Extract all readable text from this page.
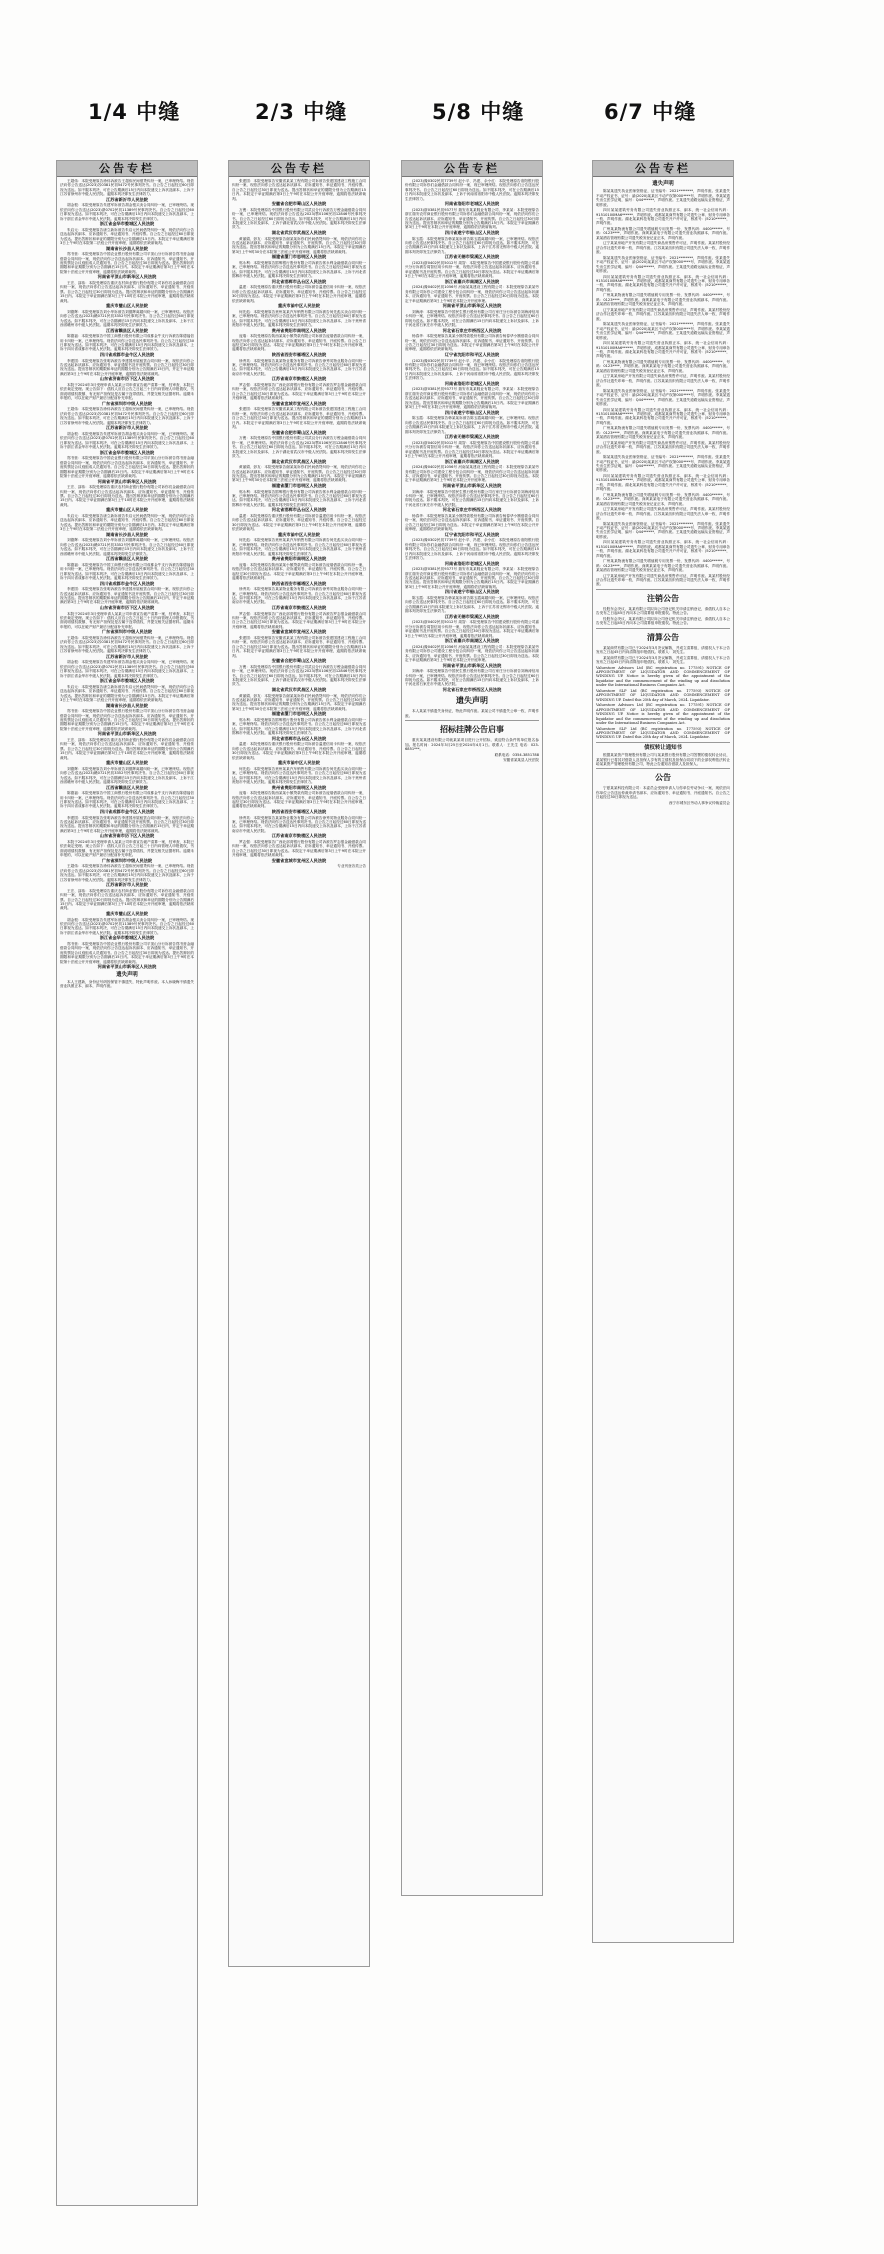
1/4 中缝	2/3 中缝	5/8 中缝	6/7 中缝
公告专栏

王超伟：本院受理原告徐伟诉被告王超伟民间借贷纠纷一案，已审理终结。现依法向你公告送达(2023)苏0381民初5472号民事判决书。自公告之日起经过60日即视为送达。如不服本判决，可在公告期满后15日内向本院递交上诉状及副本，上诉于江苏省徐州市中级人民法院。逾期本判决即发生法律效力。

江苏省新沂市人民法院

胡金根：本院受理原告朱建军诉被告胡金根买卖合同纠纷一案，已审理终结。现依法向你公告送达(2023)浙0702民初11389号民事判决书。自公告之日起经过60日即视为送达。如不服本判决，可在公告期满后15日内向本院递交上诉状及副本，上诉于浙江省金华市中级人民法院。逾期本判决即发生法律效力。

浙江省金华市婺城区人民法院

朱启元：本院受理原告唐立新诉被告朱启元民间借贷纠纷一案，现依法向你公告送达起诉状副本、应诉通知书、举证通知书、开庭传票。自公告之日起经过60日即视为送达。提出答辩状和举证的期限分别为公告期满后15日内。本院定于举证期满后第3日上午9时在本院第二法庭公开开庭审理，逾期将依法缺席裁判。

湖南省长沙县人民法院

郑书营：本院受理原告中国农业银行股份有限公司平顶山分行诉被告郑书营金融借款合同纠纷一案，现依法向你公告送达起诉状副本、应诉通知书、举证通知书、开庭传票及合议庭组成人员通知书。自公告之日起经过30日即视为送达。提出答辩状的期限和举证期限分别为公告期满后15日内。本院定于举证期满后第3日上午9时在本院第十法庭公开开庭审理，逾期将依法缺席裁判。

河南省平顶山市新华区人民法院

王宏、邵伟：本院受理原告重庆农村商业银行股份有限公司诉你们金融借款合同纠纷一案，现依法向你们公告送达起诉状副本、应诉通知书、举证通知书、开庭传票。自公告之日起经过30日即视为送达。提出答辩状和举证的期限分别为公告期满后15日内。本院定于举证期满后第3日上午10时在本院公开开庭审理，逾期将依法缺席裁判。

重庆市璧山区人民法院

刘德辉：本院受理原告刘小华诉被告刘德辉离婚纠纷一案，已审理终结。现依法向你公告送达(2023)赣0721民初3352号民事判决书。自公告之日起经过60日即视为送达。如不服本判决，可在公告期满后15日内向本院递交上诉状及副本，上诉于江西省赣州市中级人民法院。逾期本判决即发生法律效力。

江西省赣县区人民法院

陈德福：本院受理原告中国工商银行股份有限公司成都金牛支行诉被告陈德福信用卡纠纷一案，已审理终结。现依法向你公告送达民事判决书。自公告之日起经过30日即视为送达。如不服本判决，可在公告期满后15日内向本院递交上诉状及副本，上诉于四川省成都市中级人民法院。逾期本判决即发生法律效力。

四川省成都市金牛区人民法院

李建国：本院受理原告张明诉被告李建国房屋租赁合同纠纷一案，现依法向你公告送达起诉状副本、应诉通知书、举证通知书及开庭传票。自公告之日起经过30日即视为送达。提出答辩状的期限和举证的期限分别为公告期满后15日内，并定于举证期满后第3日上午9时在本院公开开庭审理，逾期将依法缺席裁判。

山东省济南市历下区人民法院

本院于2024年3月受理申请人某某公司申请宣告破产清算一案，经审查，本院已依法裁定受理。现公告如下：债权人应自公告之日起三十日内向管理人申报债权，书面说明债权数额、有无财产担保及是否属于连带债权，并提交相关证据材料。逾期未申报的，可以在破产财产最后分配前补充申报。

广东省深圳市中级人民法院

王超伟：本院受理原告徐伟诉被告王超伟民间借贷纠纷一案，已审理终结。现依法向你公告送达(2023)苏0381民初5472号民事判决书。自公告之日起经过60日即视为送达。如不服本判决，可在公告期满后15日内向本院递交上诉状及副本，上诉于江苏省徐州市中级人民法院。逾期本判决即发生法律效力。

江苏省新沂市人民法院

胡金根：本院受理原告朱建军诉被告胡金根买卖合同纠纷一案，已审理终结。现依法向你公告送达(2023)浙0702民初11389号民事判决书。自公告之日起经过60日即视为送达。如不服本判决，可在公告期满后15日内向本院递交上诉状及副本，上诉于浙江省金华市中级人民法院。逾期本判决即发生法律效力。

浙江省金华市婺城区人民法院

郑书营：本院受理原告中国农业银行股份有限公司平顶山分行诉被告郑书营金融借款合同纠纷一案，现依法向你公告送达起诉状副本、应诉通知书、举证通知书、开庭传票及合议庭组成人员通知书。自公告之日起经过30日即视为送达。提出答辩状的期限和举证期限分别为公告期满后15日内。本院定于举证期满后第3日上午9时在本院第十法庭公开开庭审理，逾期将依法缺席裁判。

河南省平顶山市新华区人民法院

王宏、邵伟：本院受理原告重庆农村商业银行股份有限公司诉你们金融借款合同纠纷一案，现依法向你们公告送达起诉状副本、应诉通知书、举证通知书、开庭传票。自公告之日起经过30日即视为送达。提出答辩状和举证的期限分别为公告期满后15日内。本院定于举证期满后第3日上午10时在本院公开开庭审理，逾期将依法缺席裁判。

重庆市璧山区人民法院

朱启元：本院受理原告唐立新诉被告朱启元民间借贷纠纷一案，现依法向你公告送达起诉状副本、应诉通知书、举证通知书、开庭传票。自公告之日起经过60日即视为送达。提出答辩状和举证的期限分别为公告期满后15日内。本院定于举证期满后第3日上午9时在本院第二法庭公开开庭审理，逾期将依法缺席裁判。

湖南省长沙县人民法院

刘德辉：本院受理原告刘小华诉被告刘德辉离婚纠纷一案，已审理终结。现依法向你公告送达(2023)赣0721民初3352号民事判决书。自公告之日起经过60日即视为送达。如不服本判决，可在公告期满后15日内向本院递交上诉状及副本，上诉于江西省赣州市中级人民法院。逾期本判决即发生法律效力。

江西省赣县区人民法院

陈德福：本院受理原告中国工商银行股份有限公司成都金牛支行诉被告陈德福信用卡纠纷一案，已审理终结。现依法向你公告送达民事判决书。自公告之日起经过30日即视为送达。如不服本判决，可在公告期满后15日内向本院递交上诉状及副本，上诉于四川省成都市中级人民法院。逾期本判决即发生法律效力。

四川省成都市金牛区人民法院

李建国：本院受理原告张明诉被告李建国房屋租赁合同纠纷一案，现依法向你公告送达起诉状副本、应诉通知书、举证通知书及开庭传票。自公告之日起经过30日即视为送达。提出答辩状的期限和举证的期限分别为公告期满后15日内，并定于举证期满后第3日上午9时在本院公开开庭审理，逾期将依法缺席裁判。

山东省济南市历下区人民法院

本院于2024年3月受理申请人某某公司申请宣告破产清算一案，经审查，本院已依法裁定受理。现公告如下：债权人应自公告之日起三十日内向管理人申报债权，书面说明债权数额、有无财产担保及是否属于连带债权，并提交相关证据材料。逾期未申报的，可以在破产财产最后分配前补充申报。

广东省深圳市中级人民法院

王超伟：本院受理原告徐伟诉被告王超伟民间借贷纠纷一案，已审理终结。现依法向你公告送达(2023)苏0381民初5472号民事判决书。自公告之日起经过60日即视为送达。如不服本判决，可在公告期满后15日内向本院递交上诉状及副本，上诉于江苏省徐州市中级人民法院。逾期本判决即发生法律效力。

江苏省新沂市人民法院

胡金根：本院受理原告朱建军诉被告胡金根买卖合同纠纷一案，已审理终结。现依法向你公告送达(2023)浙0702民初11389号民事判决书。自公告之日起经过60日即视为送达。如不服本判决，可在公告期满后15日内向本院递交上诉状及副本，上诉于浙江省金华市中级人民法院。逾期本判决即发生法律效力。

浙江省金华市婺城区人民法院

朱启元：本院受理原告唐立新诉被告朱启元民间借贷纠纷一案，现依法向你公告送达起诉状副本、应诉通知书、举证通知书、开庭传票。自公告之日起经过60日即视为送达。提出答辩状和举证的期限分别为公告期满后15日内。本院定于举证期满后第3日上午9时在本院第二法庭公开开庭审理，逾期将依法缺席裁判。

湖南省长沙县人民法院

郑书营：本院受理原告中国农业银行股份有限公司平顶山分行诉被告郑书营金融借款合同纠纷一案，现依法向你公告送达起诉状副本、应诉通知书、举证通知书、开庭传票及合议庭组成人员通知书。自公告之日起经过30日即视为送达。提出答辩状的期限和举证期限分别为公告期满后15日内。本院定于举证期满后第3日上午9时在本院第十法庭公开开庭审理，逾期将依法缺席裁判。

河南省平顶山市新华区人民法院

王宏、邵伟：本院受理原告重庆农村商业银行股份有限公司诉你们金融借款合同纠纷一案，现依法向你们公告送达起诉状副本、应诉通知书、举证通知书、开庭传票。自公告之日起经过30日即视为送达。提出答辩状和举证的期限分别为公告期满后15日内。本院定于举证期满后第3日上午10时在本院公开开庭审理，逾期将依法缺席裁判。

重庆市璧山区人民法院

刘德辉：本院受理原告刘小华诉被告刘德辉离婚纠纷一案，已审理终结。现依法向你公告送达(2023)赣0721民初3352号民事判决书。自公告之日起经过60日即视为送达。如不服本判决，可在公告期满后15日内向本院递交上诉状及副本，上诉于江西省赣州市中级人民法院。逾期本判决即发生法律效力。

江西省赣县区人民法院

陈德福：本院受理原告中国工商银行股份有限公司成都金牛支行诉被告陈德福信用卡纠纷一案，已审理终结。现依法向你公告送达民事判决书。自公告之日起经过30日即视为送达。如不服本判决，可在公告期满后15日内向本院递交上诉状及副本，上诉于四川省成都市中级人民法院。逾期本判决即发生法律效力。

四川省成都市金牛区人民法院

李建国：本院受理原告张明诉被告李建国房屋租赁合同纠纷一案，现依法向你公告送达起诉状副本、应诉通知书、举证通知书及开庭传票。自公告之日起经过30日即视为送达。提出答辩状的期限和举证的期限分别为公告期满后15日内，并定于举证期满后第3日上午9时在本院公开开庭审理，逾期将依法缺席裁判。

山东省济南市历下区人民法院

本院于2024年3月受理申请人某某公司申请宣告破产清算一案，经审查，本院已依法裁定受理。现公告如下：债权人应自公告之日起三十日内向管理人申报债权，书面说明债权数额、有无财产担保及是否属于连带债权，并提交相关证据材料。逾期未申报的，可以在破产财产最后分配前补充申报。

广东省深圳市中级人民法院

王超伟：本院受理原告徐伟诉被告王超伟民间借贷纠纷一案，已审理终结。现依法向你公告送达(2023)苏0381民初5472号民事判决书。自公告之日起经过60日即视为送达。如不服本判决，可在公告期满后15日内向本院递交上诉状及副本，上诉于江苏省徐州市中级人民法院。逾期本判决即发生法律效力。

江苏省新沂市人民法院

王宏、邵伟：本院受理原告重庆农村商业银行股份有限公司诉你们金融借款合同纠纷一案，现依法向你们公告送达起诉状副本、应诉通知书、举证通知书、开庭传票。自公告之日起经过30日即视为送达。提出答辩状和举证的期限分别为公告期满后15日内。本院定于举证期满后第3日上午10时在本院公开开庭审理，逾期将依法缺席裁判。

重庆市璧山区人民法院

胡金根：本院受理原告朱建军诉被告胡金根买卖合同纠纷一案，已审理终结。现依法向你公告送达(2023)浙0702民初11389号民事判决书。自公告之日起经过60日即视为送达。如不服本判决，可在公告期满后15日内向本院递交上诉状及副本，上诉于浙江省金华市中级人民法院。逾期本判决即发生法律效力。

浙江省金华市婺城区人民法院

郑书营：本院受理原告中国农业银行股份有限公司平顶山分行诉被告郑书营金融借款合同纠纷一案，现依法向你公告送达起诉状副本、应诉通知书、举证通知书、开庭传票及合议庭组成人员通知书。自公告之日起经过30日即视为送达。提出答辩状的期限和举证期限分别为公告期满后15日内。本院定于举证期满后第3日上午9时在本院第十法庭公开开庭审理，逾期将依法缺席裁判。

河南省平顶山市新华区人民法院

遗失声明

本人王建新，身份证号码因保管不慎遗失，特此声明作废。本人孙晓梅不慎遗失营业执照正本、副本，声明作废。

公告专栏

张建国：本院受理原告安徽省某某工程有限公司诉被告张建国建设工程施工合同纠纷一案，现依法向你公告送达起诉状副本、应诉通知书、举证通知书、开庭传票。自公告之日起经过30日即视为送达。提出答辩状和举证的期限分别为公告期满后15日内。本院定于举证期满后第3日上午9时在本院公开开庭审理，逾期将依法缺席裁判。

安徽省合肥市蜀山区人民法院

万俊：本院受理原告中国银行股份有限公司武汉分行诉被告万俊金融借款合同纠纷一案，已审理终结。现依法向你公告送达(2023)鄂0106民初12846号民事判决书。自公告之日起经过60日即视为送达。如不服本判决，可在公告期满后15日内向本院递交上诉状及副本，上诉于湖北省武汉市中级人民法院。逾期本判决即发生法律效力。

湖北省武汉市武昌区人民法院

黄丽娟、彭友：本院受理原告谢某某诉你们民间借贷纠纷一案，现依法向你们公告送达起诉状副本、应诉通知书、举证通知书、开庭传票。自公告之日起经过30日即视为送达。提出答辩状和举证的期限分别为公告期满后15日内。本院定于举证期满后第3日上午9时30分在本院第三法庭公开开庭审理，逾期将依法缺席裁判。

福建省厦门市思明区人民法院

郭永利：本院受理原告邯郸银行股份有限公司诉被告郭永利金融借款合同纠纷一案，已审理终结。现依法向你公告送达民事判决书。自公告之日起经过60日即视为送达。如不服本判决，可在公告期满后15日内向本院递交上诉状及副本，上诉于河北省邯郸市中级人民法院。逾期本判决即发生法律效力。

河北省邯郸市丛台区人民法院

温建：本院受理原告重庆银行股份有限公司诉被告温建信用卡纠纷一案，现依法向你公告送达起诉状副本、应诉通知书、举证通知书、开庭传票。自公告之日起经过30日即视为送达。本院定于举证期满后第3日上午9时在本院公开开庭审理，逾期将依法缺席裁判。

重庆市渝中区人民法院

何先彪：本院受理原告贵州某某汽车销售有限公司诉被告何先彪买卖合同纠纷一案，已审理终结。现依法向你公告送达民事判决书。自公告之日起经过60日即视为送达。如不服本判决，可在公告期满后15日内向本院递交上诉状及副本，上诉于贵州省贵阳市中级人民法院。逾期本判决即发生法律效力。

贵州省贵阳市南明区人民法院

庞瑞：本院受理原告陕西某某小额贷款有限公司诉被告庞瑞借款合同纠纷一案，现依法向你公告送达起诉状副本、应诉通知书、举证通知书、开庭传票。自公告之日起经过30日即视为送达。本院定于举证期满后第3日上午9时在本院公开开庭审理，逾期将依法缺席裁判。

陕西省西安市雁塔区人民法院

徐秀英：本院受理原告某某物业服务有限公司诉被告徐秀英物业服务合同纠纷一案，已审理终结。现依法向你公告送达民事判决书。自公告之日起经过60日即视为送达。如不服本判决，可在公告期满后15日内向本院递交上诉状及副本，上诉于江苏省南京市中级人民法院。

江苏省南京市鼓楼区人民法院

罗志强：本院受理原告广西北部湾银行股份有限公司诉被告罗志强金融借款合同纠纷一案，现依法向你公告送达起诉状副本、应诉通知书、举证通知书、开庭传票。自公告之日起经过30日即视为送达。本院定于举证期满后第3日上午9时在本院公开开庭审理，逾期将依法缺席裁判。

安徽省宣城市宣州区人民法院

张建国：本院受理原告安徽省某某工程有限公司诉被告张建国建设工程施工合同纠纷一案，现依法向你公告送达起诉状副本、应诉通知书、举证通知书、开庭传票。自公告之日起经过30日即视为送达。提出答辩状和举证的期限分别为公告期满后15日内。本院定于举证期满后第3日上午9时在本院公开开庭审理，逾期将依法缺席裁判。

安徽省合肥市蜀山区人民法院

万俊：本院受理原告中国银行股份有限公司武汉分行诉被告万俊金融借款合同纠纷一案，已审理终结。现依法向你公告送达(2023)鄂0106民初12846号民事判决书。自公告之日起经过60日即视为送达。如不服本判决，可在公告期满后15日内向本院递交上诉状及副本，上诉于湖北省武汉市中级人民法院。逾期本判决即发生法律效力。

湖北省武汉市武昌区人民法院

黄丽娟、彭友：本院受理原告谢某某诉你们民间借贷纠纷一案，现依法向你们公告送达起诉状副本、应诉通知书、举证通知书、开庭传票。自公告之日起经过30日即视为送达。提出答辩状和举证的期限分别为公告期满后15日内。本院定于举证期满后第3日上午9时30分在本院第三法庭公开开庭审理，逾期将依法缺席裁判。

福建省厦门市思明区人民法院

郭永利：本院受理原告邯郸银行股份有限公司诉被告郭永利金融借款合同纠纷一案，已审理终结。现依法向你公告送达民事判决书。自公告之日起经过60日即视为送达。如不服本判决，可在公告期满后15日内向本院递交上诉状及副本，上诉于河北省邯郸市中级人民法院。逾期本判决即发生法律效力。

河北省邯郸市丛台区人民法院

温建：本院受理原告重庆银行股份有限公司诉被告温建信用卡纠纷一案，现依法向你公告送达起诉状副本、应诉通知书、举证通知书、开庭传票。自公告之日起经过30日即视为送达。本院定于举证期满后第3日上午9时在本院公开开庭审理，逾期将依法缺席裁判。

重庆市渝中区人民法院

何先彪：本院受理原告贵州某某汽车销售有限公司诉被告何先彪买卖合同纠纷一案，已审理终结。现依法向你公告送达民事判决书。自公告之日起经过60日即视为送达。如不服本判决，可在公告期满后15日内向本院递交上诉状及副本，上诉于贵州省贵阳市中级人民法院。逾期本判决即发生法律效力。

贵州省贵阳市南明区人民法院

庞瑞：本院受理原告陕西某某小额贷款有限公司诉被告庞瑞借款合同纠纷一案，现依法向你公告送达起诉状副本、应诉通知书、举证通知书、开庭传票。自公告之日起经过30日即视为送达。本院定于举证期满后第3日上午9时在本院公开开庭审理，逾期将依法缺席裁判。

陕西省西安市雁塔区人民法院

徐秀英：本院受理原告某某物业服务有限公司诉被告徐秀英物业服务合同纠纷一案，已审理终结。现依法向你公告送达民事判决书。自公告之日起经过60日即视为送达。如不服本判决，可在公告期满后15日内向本院递交上诉状及副本，上诉于江苏省南京市中级人民法院。

江苏省南京市鼓楼区人民法院

罗志强：本院受理原告广西北部湾银行股份有限公司诉被告罗志强金融借款合同纠纷一案，现依法向你公告送达起诉状副本、应诉通知书、举证通知书、开庭传票。自公告之日起经过30日即视为送达。本院定于举证期满后第3日上午9时在本院公开开庭审理，逾期将依法缺席裁判。

安徽省宣城市宣州区人民法院

张建国：本院受理原告安徽省某某工程有限公司诉被告张建国建设工程施工合同纠纷一案，现依法向你公告送达起诉状副本、应诉通知书、举证通知书、开庭传票。自公告之日起经过30日即视为送达。提出答辩状和举证的期限分别为公告期满后15日内。本院定于举证期满后第3日上午9时在本院公开开庭审理，逾期将依法缺席裁判。

安徽省合肥市蜀山区人民法院

万俊：本院受理原告中国银行股份有限公司武汉分行诉被告万俊金融借款合同纠纷一案，已审理终结。现依法向你公告送达(2023)鄂0106民初12846号民事判决书。自公告之日起经过60日即视为送达。如不服本判决，可在公告期满后15日内向本院递交上诉状及副本，上诉于湖北省武汉市中级人民法院。逾期本判决即发生法律效力。

湖北省武汉市武昌区人民法院

黄丽娟、彭友：本院受理原告谢某某诉你们民间借贷纠纷一案，现依法向你们公告送达起诉状副本、应诉通知书、举证通知书、开庭传票。自公告之日起经过30日即视为送达。提出答辩状和举证的期限分别为公告期满后15日内。本院定于举证期满后第3日上午9时30分在本院第三法庭公开开庭审理，逾期将依法缺席裁判。

福建省厦门市思明区人民法院

郭永利：本院受理原告邯郸银行股份有限公司诉被告郭永利金融借款合同纠纷一案，已审理终结。现依法向你公告送达民事判决书。自公告之日起经过60日即视为送达。如不服本判决，可在公告期满后15日内向本院递交上诉状及副本，上诉于河北省邯郸市中级人民法院。逾期本判决即发生法律效力。

河北省邯郸市丛台区人民法院

温建：本院受理原告重庆银行股份有限公司诉被告温建信用卡纠纷一案，现依法向你公告送达起诉状副本、应诉通知书、举证通知书、开庭传票。自公告之日起经过30日即视为送达。本院定于举证期满后第3日上午9时在本院公开开庭审理，逾期将依法缺席裁判。

重庆市渝中区人民法院

何先彪：本院受理原告贵州某某汽车销售有限公司诉被告何先彪买卖合同纠纷一案，已审理终结。现依法向你公告送达民事判决书。自公告之日起经过60日即视为送达。如不服本判决，可在公告期满后15日内向本院递交上诉状及副本，上诉于贵州省贵阳市中级人民法院。逾期本判决即发生法律效力。

贵州省贵阳市南明区人民法院

庞瑞：本院受理原告陕西某某小额贷款有限公司诉被告庞瑞借款合同纠纷一案，现依法向你公告送达起诉状副本、应诉通知书、举证通知书、开庭传票。自公告之日起经过30日即视为送达。本院定于举证期满后第3日上午9时在本院公开开庭审理，逾期将依法缺席裁判。

陕西省西安市雁塔区人民法院

徐秀英：本院受理原告某某物业服务有限公司诉被告徐秀英物业服务合同纠纷一案，已审理终结。现依法向你公告送达民事判决书。自公告之日起经过60日即视为送达。如不服本判决，可在公告期满后15日内向本院递交上诉状及副本，上诉于江苏省南京市中级人民法院。

江苏省南京市鼓楼区人民法院

罗志强：本院受理原告广西北部湾银行股份有限公司诉被告罗志强金融借款合同纠纷一案，现依法向你公告送达起诉状副本、应诉通知书、举证通知书、开庭传票。自公告之日起经过30日即视为送达。本院定于举证期满后第3日上午9时在本院公开开庭审理，逾期将依法缺席裁判。

安徽省宣城市宣州区人民法院

专业刊登各类公告

公告专栏

(2023)豫0302民初7739号 赵小平、冯建、余小红：本院受理原告洛阳银行股份有限公司诉你们金融借款合同纠纷一案，现已审理终结。现依法向你们公告送达民事判决书。自公告之日起经过60日即视为送达。如不服本判决，可在公告期满后15日内向本院递交上诉状及副本，上诉于河南省洛阳市中级人民法院。逾期本判决即发生法律效力。

河南省洛阳市老城区人民法院

(2023)浙0381民初9377号 瑞安市某某鞋业有限公司、李某某：本院受理原告浙江瑞安农村商业银行股份有限公司诉你们金融借款合同纠纷一案，现依法向你们公告送达起诉状副本、应诉通知书、举证通知书、开庭传票。自公告之日起经过30日即视为送达。提出答辩状和举证的期限分别为公告期满后15日内。本院定于举证期满后第3日上午9时在本院公开开庭审理，逾期将依法缺席裁判。

四川省遂宁市船山区人民法院

陈玉霞：本院受理原告韩某某诉被告陈玉霞离婚纠纷一案，已审理终结。现依法向你公告送达民事判决书。自公告之日起经过60日即视为送达。如不服本判决，可在公告期满后15日内向本院递交上诉状及副本，上诉于江苏省无锡市中级人民法院。逾期本判决即发生法律效力。

江苏省无锡市梁溪区人民法院

(2023)浙0402民初5012号 周智：本院受理原告中国建设银行股份有限公司嘉兴分行诉被告周智信用卡纠纷一案，现依法向你公告送达起诉状副本、应诉通知书、举证通知书及开庭传票。自公告之日起经过30日即视为送达。本院定于举证期满后第3日上午9时在本院公开开庭审理，逾期将依法缺席裁判。

浙江省嘉兴市南湖区人民法院

(2024)豫0402民初1056号 河南某某建设工程有限公司：本院受理原告某某劳务有限公司诉你公司建设工程分包合同纠纷一案，现依法向你公司公告送达起诉状副本、应诉通知书、举证通知书、开庭传票。自公告之日起经过30日即视为送达。本院定于举证期满后第3日上午9时在本院公开开庭审理。

河南省平顶山市新华区人民法院

刘海涛：本院受理原告中国民生银行股份有限公司石家庄分行诉被告刘海涛信用卡纠纷一案，已审理终结。现依法向你公告送达民事判决书。自公告之日起经过60日即视为送达。如不服本判决，可在公告期满后15日内向本院递交上诉状及副本，上诉于河北省石家庄市中级人民法院。

河北省石家庄市桥西区人民法院

杨春华：本院受理原告某某小额贷款股份有限公司诉被告杨春华小额借款合同纠纷一案，现依法向你公告送达起诉状副本、应诉通知书、举证通知书、开庭传票。自公告之日起经过30日即视为送达。本院定于举证期满后第3日上午9时在本院公开开庭审理，逾期将依法缺席裁判。

辽宁省沈阳市和平区人民法院

(2023)豫0302民初7739号 赵小平、冯建、余小红：本院受理原告洛阳银行股份有限公司诉你们金融借款合同纠纷一案，现已审理终结。现依法向你们公告送达民事判决书。自公告之日起经过60日即视为送达。如不服本判决，可在公告期满后15日内向本院递交上诉状及副本，上诉于河南省洛阳市中级人民法院。逾期本判决即发生法律效力。

河南省洛阳市老城区人民法院

(2023)浙0381民初9377号 瑞安市某某鞋业有限公司、李某某：本院受理原告浙江瑞安农村商业银行股份有限公司诉你们金融借款合同纠纷一案，现依法向你们公告送达起诉状副本、应诉通知书、举证通知书、开庭传票。自公告之日起经过30日即视为送达。提出答辩状和举证的期限分别为公告期满后15日内。本院定于举证期满后第3日上午9时在本院公开开庭审理，逾期将依法缺席裁判。

四川省遂宁市船山区人民法院

陈玉霞：本院受理原告韩某某诉被告陈玉霞离婚纠纷一案，已审理终结。现依法向你公告送达民事判决书。自公告之日起经过60日即视为送达。如不服本判决，可在公告期满后15日内向本院递交上诉状及副本，上诉于江苏省无锡市中级人民法院。逾期本判决即发生法律效力。

江苏省无锡市梁溪区人民法院

(2023)浙0402民初5012号 周智：本院受理原告中国建设银行股份有限公司嘉兴分行诉被告周智信用卡纠纷一案，现依法向你公告送达起诉状副本、应诉通知书、举证通知书及开庭传票。自公告之日起经过30日即视为送达。本院定于举证期满后第3日上午9时在本院公开开庭审理，逾期将依法缺席裁判。

浙江省嘉兴市南湖区人民法院

(2024)豫0402民初1056号 河南某某建设工程有限公司：本院受理原告某某劳务有限公司诉你公司建设工程分包合同纠纷一案，现依法向你公司公告送达起诉状副本、应诉通知书、举证通知书、开庭传票。自公告之日起经过30日即视为送达。本院定于举证期满后第3日上午9时在本院公开开庭审理。

河南省平顶山市新华区人民法院

刘海涛：本院受理原告中国民生银行股份有限公司石家庄分行诉被告刘海涛信用卡纠纷一案，已审理终结。现依法向你公告送达民事判决书。自公告之日起经过60日即视为送达。如不服本判决，可在公告期满后15日内向本院递交上诉状及副本，上诉于河北省石家庄市中级人民法院。

河北省石家庄市桥西区人民法院

杨春华：本院受理原告某某小额贷款股份有限公司诉被告杨春华小额借款合同纠纷一案，现依法向你公告送达起诉状副本、应诉通知书、举证通知书、开庭传票。自公告之日起经过30日即视为送达。本院定于举证期满后第3日上午9时在本院公开开庭审理，逾期将依法缺席裁判。

辽宁省沈阳市和平区人民法院

(2023)豫0302民初7739号 赵小平、冯建、余小红：本院受理原告洛阳银行股份有限公司诉你们金融借款合同纠纷一案，现已审理终结。现依法向你们公告送达民事判决书。自公告之日起经过60日即视为送达。如不服本判决，可在公告期满后15日内向本院递交上诉状及副本，上诉于河南省洛阳市中级人民法院。逾期本判决即发生法律效力。

河南省洛阳市老城区人民法院

(2023)浙0381民初9377号 瑞安市某某鞋业有限公司、李某某：本院受理原告浙江瑞安农村商业银行股份有限公司诉你们金融借款合同纠纷一案，现依法向你们公告送达起诉状副本、应诉通知书、举证通知书、开庭传票。自公告之日起经过30日即视为送达。提出答辩状和举证的期限分别为公告期满后15日内。本院定于举证期满后第3日上午9时在本院公开开庭审理，逾期将依法缺席裁判。

四川省遂宁市船山区人民法院

陈玉霞：本院受理原告韩某某诉被告陈玉霞离婚纠纷一案，已审理终结。现依法向你公告送达民事判决书。自公告之日起经过60日即视为送达。如不服本判决，可在公告期满后15日内向本院递交上诉状及副本，上诉于江苏省无锡市中级人民法院。逾期本判决即发生法律效力。

江苏省无锡市梁溪区人民法院

(2023)浙0402民初5012号 周智：本院受理原告中国建设银行股份有限公司嘉兴分行诉被告周智信用卡纠纷一案，现依法向你公告送达起诉状副本、应诉通知书、举证通知书及开庭传票。自公告之日起经过30日即视为送达。本院定于举证期满后第3日上午9时在本院公开开庭审理，逾期将依法缺席裁判。

浙江省嘉兴市南湖区人民法院

(2024)豫0402民初1056号 河南某某建设工程有限公司：本院受理原告某某劳务有限公司诉你公司建设工程分包合同纠纷一案，现依法向你公司公告送达起诉状副本、应诉通知书、举证通知书、开庭传票。自公告之日起经过30日即视为送达。本院定于举证期满后第3日上午9时在本院公开开庭审理。

河南省平顶山市新华区人民法院

刘海涛：本院受理原告中国民生银行股份有限公司石家庄分行诉被告刘海涛信用卡纠纷一案，已审理终结。现依法向你公告送达民事判决书。自公告之日起经过60日即视为送达。如不服本判决，可在公告期满后15日内向本院递交上诉状及副本，上诉于河北省石家庄市中级人民法院。

河北省石家庄市桥西区人民法院

遗失声明

本人某某不慎遗失身份证，特此声明作废。某某公司不慎遗失公章一枚，声明作废。

招标挂牌公告启事

重庆某某建设有限公司就某某项目进行公开招标，欢迎符合条件的单位报名参加。报名时间：2024年3月25日至2024年4月1日。联系人：王先生 电话：023-6851***。

联系电话：0354-3851788

安徽省某某县人民法院

公告专栏

遗失声明

陈某某遗失执业医师资格证，证书编号：2021********，声明作废。张某遗失不动产权证书，证号：渝(2020)某某区不动产权第000****号，声明作废。李某某遗失出生医学证明，编号：Q44******，声明作废。王某遗失道路运输从业资格证，声明作废。

四川某某建筑劳务有限公司遗失营业执照正本、副本，统一社会信用代码：91510100MA6******，声明作废。成都某某商贸有限公司遗失公章、财务专用章各一枚，声明作废。湖北某某科技有限公司遗失开户许可证，核准号：J5210******，声明作废。

广州某某物流有限公司遗失增值税专用发票一份，发票代码：4400******，号码：0123****，声明作废。深圳某某电子有限公司遗失营业执照副本，声明作废。某某酒店管理有限公司遗失税务登记证正本，声明作废。

辽宁某某房地产开发有限公司遗失商品房预售许可证，声明作废。某某村股份经济合作社遗失印章一枚，声明作废。江苏某某纺织有限公司遗失法人章一枚，声明作废。

陈某某遗失执业医师资格证，证书编号：2021********，声明作废。张某遗失不动产权证书，证号：渝(2020)某某区不动产权第000****号，声明作废。李某某遗失出生医学证明，编号：Q44******，声明作废。王某遗失道路运输从业资格证，声明作废。

四川某某建筑劳务有限公司遗失营业执照正本、副本，统一社会信用代码：91510100MA6******，声明作废。成都某某商贸有限公司遗失公章、财务专用章各一枚，声明作废。湖北某某科技有限公司遗失开户许可证，核准号：J5210******，声明作废。

广州某某物流有限公司遗失增值税专用发票一份，发票代码：4400******，号码：0123****，声明作废。深圳某某电子有限公司遗失营业执照副本，声明作废。某某酒店管理有限公司遗失税务登记证正本，声明作废。

辽宁某某房地产开发有限公司遗失商品房预售许可证，声明作废。某某村股份经济合作社遗失印章一枚，声明作废。江苏某某纺织有限公司遗失法人章一枚，声明作废。

陈某某遗失执业医师资格证，证书编号：2021********，声明作废。张某遗失不动产权证书，证号：渝(2020)某某区不动产权第000****号，声明作废。李某某遗失出生医学证明，编号：Q44******，声明作废。王某遗失道路运输从业资格证，声明作废。

四川某某建筑劳务有限公司遗失营业执照正本、副本，统一社会信用代码：91510100MA6******，声明作废。成都某某商贸有限公司遗失公章、财务专用章各一枚，声明作废。湖北某某科技有限公司遗失开户许可证，核准号：J5210******，声明作废。

广州某某物流有限公司遗失增值税专用发票一份，发票代码：4400******，号码：0123****，声明作废。深圳某某电子有限公司遗失营业执照副本，声明作废。某某酒店管理有限公司遗失税务登记证正本，声明作废。

辽宁某某房地产开发有限公司遗失商品房预售许可证，声明作废。某某村股份经济合作社遗失印章一枚，声明作废。江苏某某纺织有限公司遗失法人章一枚，声明作废。

陈某某遗失执业医师资格证，证书编号：2021********，声明作废。张某遗失不动产权证书，证号：渝(2020)某某区不动产权第000****号，声明作废。李某某遗失出生医学证明，编号：Q44******，声明作废。王某遗失道路运输从业资格证，声明作废。

四川某某建筑劳务有限公司遗失营业执照正本、副本，统一社会信用代码：91510100MA6******，声明作废。成都某某商贸有限公司遗失公章、财务专用章各一枚，声明作废。湖北某某科技有限公司遗失开户许可证，核准号：J5210******，声明作废。

广州某某物流有限公司遗失增值税专用发票一份，发票代码：4400******，号码：0123****，声明作废。深圳某某电子有限公司遗失营业执照副本，声明作废。某某酒店管理有限公司遗失税务登记证正本，声明作废。

辽宁某某房地产开发有限公司遗失商品房预售许可证，声明作废。某某村股份经济合作社遗失印章一枚，声明作废。江苏某某纺织有限公司遗失法人章一枚，声明作废。

陈某某遗失执业医师资格证，证书编号：2021********，声明作废。张某遗失不动产权证书，证号：渝(2020)某某区不动产权第000****号，声明作废。李某某遗失出生医学证明，编号：Q44******，声明作废。王某遗失道路运输从业资格证，声明作废。

四川某某建筑劳务有限公司遗失营业执照正本、副本，统一社会信用代码：91510100MA6******，声明作废。成都某某商贸有限公司遗失公章、财务专用章各一枚，声明作废。湖北某某科技有限公司遗失开户许可证，核准号：J5210******，声明作废。

广州某某物流有限公司遗失增值税专用发票一份，发票代码：4400******，号码：0123****，声明作废。深圳某某电子有限公司遗失营业执照副本，声明作废。某某酒店管理有限公司遗失税务登记证正本，声明作废。

辽宁某某房地产开发有限公司遗失商品房预售许可证，声明作废。某某村股份经济合作社遗失印章一枚，声明作废。江苏某某纺织有限公司遗失法人章一枚，声明作废。

陈某某遗失执业医师资格证，证书编号：2021********，声明作废。张某遗失不动产权证书，证号：渝(2020)某某区不动产权第000****号，声明作废。李某某遗失出生医学证明，编号：Q44******，声明作废。王某遗失道路运输从业资格证，声明作废。

四川某某建筑劳务有限公司遗失营业执照正本、副本，统一社会信用代码：91510100MA6******，声明作废。成都某某商贸有限公司遗失公章、财务专用章各一枚，声明作废。湖北某某科技有限公司遗失开户许可证，核准号：J5210******，声明作废。

广州某某物流有限公司遗失增值税专用发票一份，发票代码：4400******，号码：0123****，声明作废。深圳某某电子有限公司遗失营业执照副本，声明作废。某某酒店管理有限公司遗失税务登记证正本，声明作废。

辽宁某某房地产开发有限公司遗失商品房预售许可证，声明作废。某某村股份经济合作社遗失印章一枚，声明作废。江苏某某纺织有限公司遗失法人章一枚，声明作废。

注销公告

经股东会决议，某某有限公司拟向公司登记机关申请注销登记，请债权人自本公告发布之日起45日内向本公司清算组申报债权。特此公告。

经股东会决议，某某有限公司拟向公司登记机关申请注销登记，请债权人自本公告发布之日起45日内向本公司清算组申报债权。特此公告。

清算公告

某某商贸有限公司已于2024年3月决议解散，并成立清算组，请债权人于本公告发布之日起45日内向清算组申报债权。联系人：刘先生。

某某商贸有限公司已于2024年3月决议解散，并成立清算组，请债权人于本公告发布之日起45日内向清算组申报债权。联系人：刘先生。

Valuestore Advisors Ltd (BC registration no. 177591) NOTICE OF APPOINTMENT OF LIQUIDATOR AND COMMENCEMENT OF WINDING UP. Notice is hereby given of the appointment of the liquidator and the commencement of the winding up and dissolution under the International Business Companies Act.

Valuestore SLP Ltd (BC registration no. 177593) NOTICE OF APPOINTMENT OF LIQUIDATOR AND COMMENCEMENT OF WINDING UP. Dated this 25th day of March, 2024. Liquidator.

Valuestore Advisors Ltd (BC registration no. 177591) NOTICE OF APPOINTMENT OF LIQUIDATOR AND COMMENCEMENT OF WINDING UP. Notice is hereby given of the appointment of the liquidator and the commencement of the winding up and dissolution under the International Business Companies Act.

Valuestore SLP Ltd (BC registration no. 177593) NOTICE OF APPOINTMENT OF LIQUIDATOR AND COMMENCEMENT OF WINDING UP. Dated this 25th day of March, 2024. Liquidator.

债权转让通知书

根据某某资产管理股份有限公司与某某银行股份有限公司签署的债权转让协议，某某银行已将其对借款人及担保人享有的主债权及担保合同项下的全部权利依法转让给某某资产管理股份有限公司，特此公告通知各借款人及担保人。

公告

宁夏某某科技有限公司：本委员会受理申请人与你单位劳动争议一案，现依法向你单位公告送达仲裁申请书副本、应诉通知书、举证通知书、开庭通知书。自公告之日起经过30日即视为送达。

西宁市城东区劳动人事争议仲裁委员会
